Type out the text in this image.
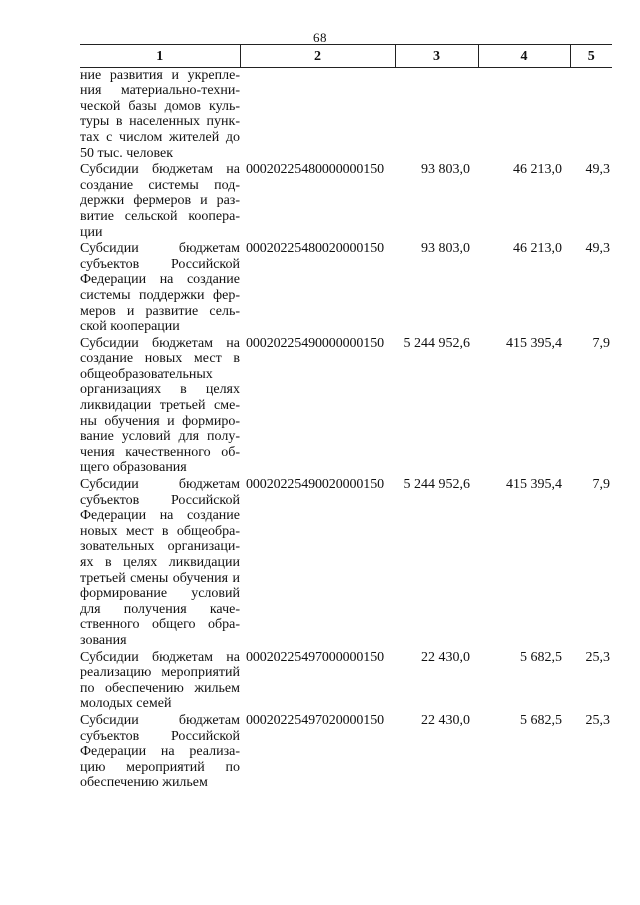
68
1	2	3	4	5
ние развития и укрепле-ния материально-техни-ческой базы домов куль-туры в населенных пунк-тах с числом жителей до 50 тыс. человек				
Субсидии бюджетам на создание системы под-держки фермеров и раз-витие сельской коопера-ции	00020225480000000150	93 803,0	46 213,0	49,3
Субсидии бюджетам субъектов Российской Федерации на создание системы поддержки фер-меров и развитие сель-ской кооперации	00020225480020000150	93 803,0	46 213,0	49,3
Субсидии бюджетам на создание новых мест в общеобразовательных организациях в целях ликвидации третьей сме-ны обучения и формиро-вание условий для полу-чения качественного об-щего образования	00020225490000000150	5 244 952,6	415 395,4	7,9
Субсидии бюджетам субъектов Российской Федерации на создание новых мест в общеобра-зовательных организаци-ях в целях ликвидации третьей смены обучения и формирование условий для получения каче-ственного общего обра-зования	00020225490020000150	5 244 952,6	415 395,4	7,9
Субсидии бюджетам на реализацию мероприятий по обеспечению жильем молодых семей	00020225497000000150	22 430,0	5 682,5	25,3
Субсидии бюджетам субъектов Российской Федерации на реализа-цию мероприятий по обеспечению жильем	00020225497020000150	22 430,0	5 682,5	25,3
